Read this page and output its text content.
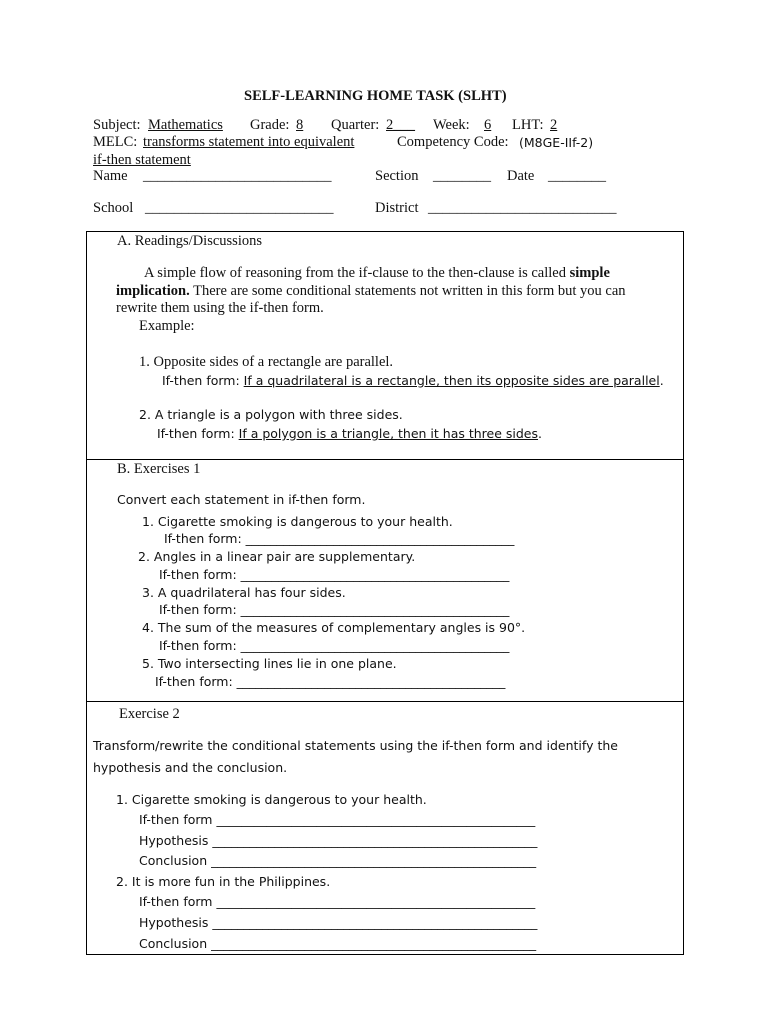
SELF-LEARNING HOME TASK (SLHT)
Subject: Mathematics Grade: 8 Quarter: 2___ Week: 6 LHT: 2
MELC: transforms statement into equivalent	Competency Code: (M8GE-IIf-2)
if-then statement
Name __________________________	Section ________ Date ________
School __________________________	District __________________________
A. Readings/Discussions
A simple flow of reasoning from the if-clause to the then-clause is called simple
implication. There are some conditional statements not written in this form but you can
rewrite them using the if-then form.
Example:
1. Opposite sides of a rectangle are parallel.
If-then form: If a quadrilateral is a rectangle, then its opposite sides are parallel.
2. A triangle is a polygon with three sides.
If-then form: If a polygon is a triangle, then it has three sides.
B. Exercises 1
Convert each statement in if-then form.
1. Cigarette smoking is dangerous to your health.
If-then form: ___________________________________________
2. Angles in a linear pair are supplementary.
If-then form: ___________________________________________
3. A quadrilateral has four sides.
If-then form: ___________________________________________
4. The sum of the measures of complementary angles is 90°.
If-then form: ___________________________________________
5. Two intersecting lines lie in one plane.
If-then form: ___________________________________________
Exercise 2
Transform/rewrite the conditional statements using the if-then form and identify the
hypothesis and the conclusion.
1. Cigarette smoking is dangerous to your health.
If-then form ___________________________________________________
Hypothesis ____________________________________________________
Conclusion ____________________________________________________
2. It is more fun in the Philippines.
If-then form ___________________________________________________
Hypothesis ____________________________________________________
Conclusion ____________________________________________________
